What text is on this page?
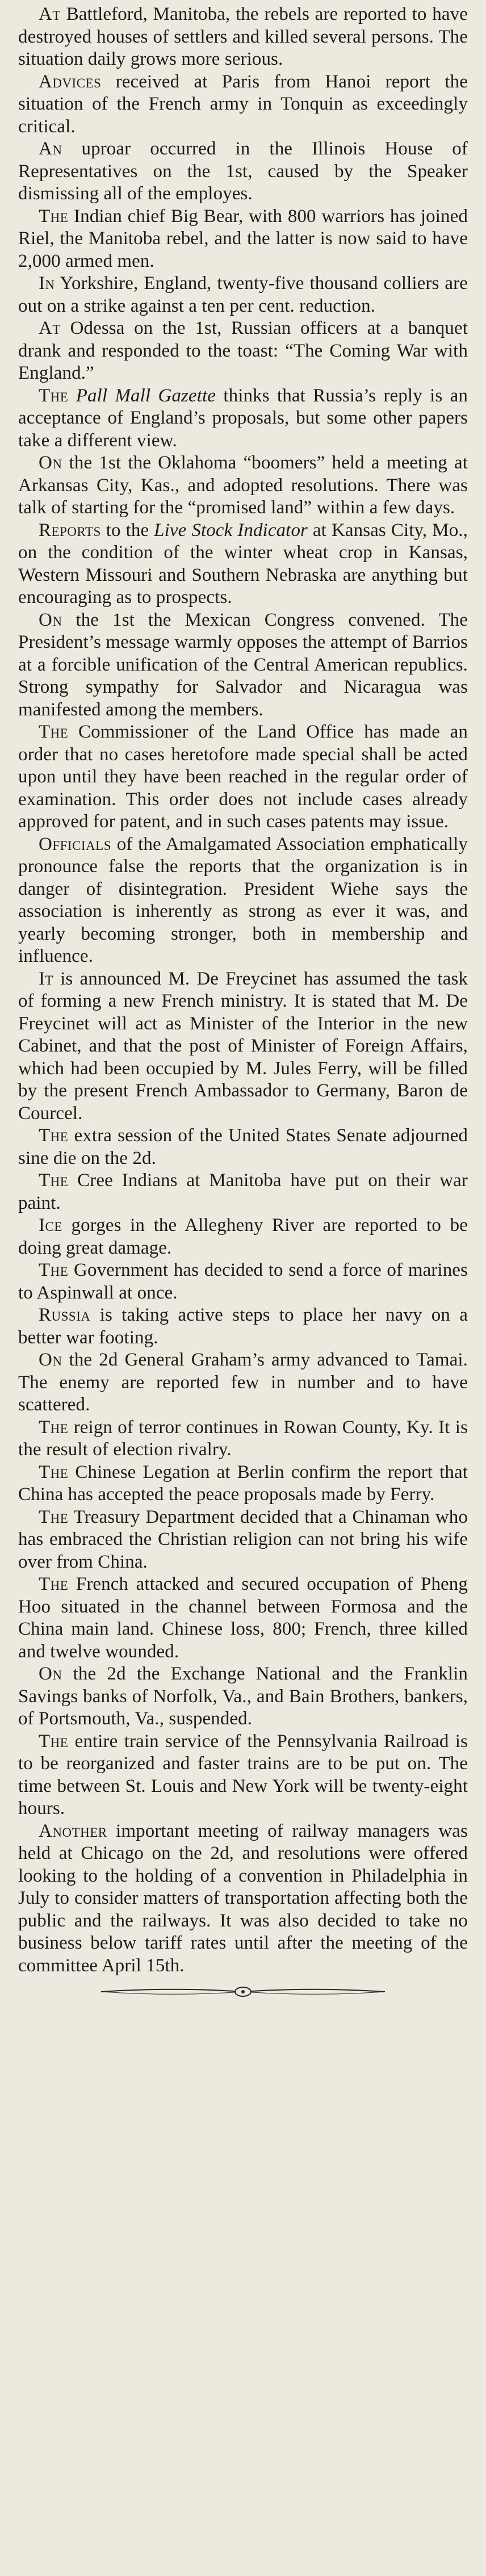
At Battleford, Manitoba, the rebels are reported to have destroyed houses of settlers and killed several persons. The situation daily grows more serious.

Advices received at Paris from Hanoi report the situation of the French army in Tonquin as exceedingly critical.

An uproar occurred in the Illinois House of Representatives on the 1st, caused by the Speaker dismissing all of the employes.

The Indian chief Big Bear, with 800 warriors has joined Riel, the Manitoba rebel, and the latter is now said to have 2,000 armed men.

In Yorkshire, England, twenty-five thousand colliers are out on a strike against a ten per cent. reduction.

At Odessa on the 1st, Russian officers at a banquet drank and responded to the toast: “The Coming War with England.”

The Pall Mall Gazette thinks that Russia’s reply is an acceptance of England’s proposals, but some other papers take a different view.

On the 1st the Oklahoma “boomers” held a meeting at Arkansas City, Kas., and adopted resolutions. There was talk of starting for the “promised land” within a few days.

Reports to the Live Stock Indicator at Kansas City, Mo., on the condition of the winter wheat crop in Kansas, Western Missouri and Southern Nebraska are anything but encouraging as to prospects.

On the 1st the Mexican Congress convened. The President’s message warmly opposes the attempt of Barrios at a forcible unification of the Central American republics. Strong sympathy for Salvador and Nicaragua was manifested among the members.

The Commissioner of the Land Office has made an order that no cases heretofore made special shall be acted upon until they have been reached in the regular order of examination. This order does not include cases already approved for patent, and in such cases patents may issue.

Officials of the Amalgamated Association emphatically pronounce false the reports that the organization is in danger of disintegration. President Wiehe says the association is inherently as strong as ever it was, and yearly becoming stronger, both in membership and influence.

It is announced M. De Freycinet has assumed the task of forming a new French ministry. It is stated that M. De Freycinet will act as Minister of the Interior in the new Cabinet, and that the post of Minister of Foreign Affairs, which had been occupied by M. Jules Ferry, will be filled by the present French Ambassador to Germany, Baron de Courcel.

The extra session of the United States Senate adjourned sine die on the 2d.

The Cree Indians at Manitoba have put on their war paint.

Ice gorges in the Allegheny River are reported to be doing great damage.

The Government has decided to send a force of marines to Aspinwall at once.

Russia is taking active steps to place her navy on a better war footing.

On the 2d General Graham’s army advanced to Tamai. The enemy are reported few in number and to have scattered.

The reign of terror continues in Rowan County, Ky. It is the result of election rivalry.

The Chinese Legation at Berlin confirm the report that China has accepted the peace proposals made by Ferry.

The Treasury Department decided that a Chinaman who has embraced the Christian religion can not bring his wife over from China.

The French attacked and secured occupation of Pheng Hoo situated in the channel between Formosa and the China main land. Chinese loss, 800; French, three killed and twelve wounded.

On the 2d the Exchange National and the Franklin Savings banks of Norfolk, Va., and Bain Brothers, bankers, of Portsmouth, Va., suspended.

The entire train service of the Pennsylvania Railroad is to be reorganized and faster trains are to be put on. The time between St. Louis and New York will be twenty-eight hours.

Another important meeting of railway managers was held at Chicago on the 2d, and resolutions were offered looking to the holding of a convention in Philadelphia in July to consider matters of transportation affecting both the public and the railways. It was also decided to take no business below tariff rates until after the meeting of the committee April 15th.
